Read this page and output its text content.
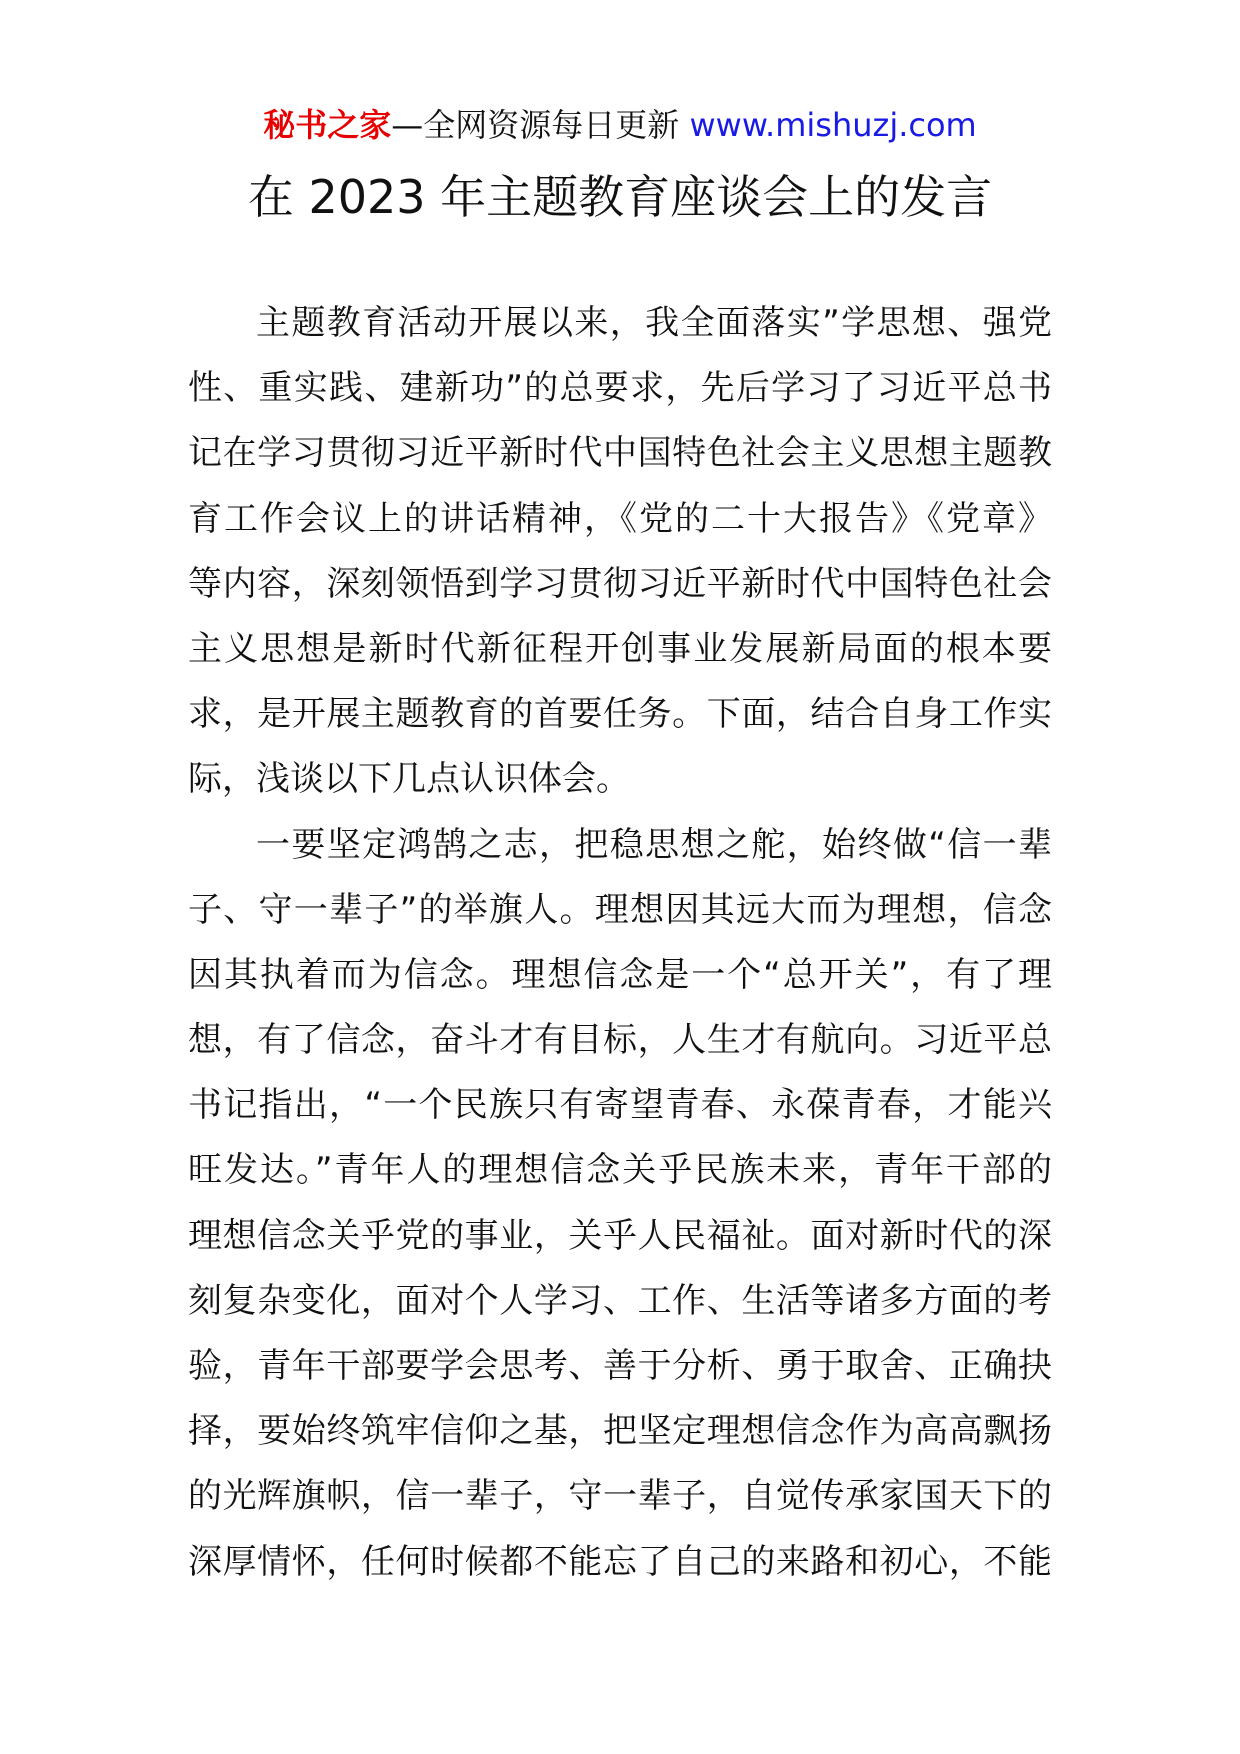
秘书之家—全网资源每日更新 www.mishuzj.com
在 2023 年主题教育座谈会上的发言
主题教育活动开展以来，我全面落实”学思想、强党
性、重实践、建新功”的总要求，先后学习了习近平总书
记在学习贯彻习近平新时代中国特色社会主义思想主题教
育工作会议上的讲话精神，《党的二十大报告》《党章》
等内容，深刻领悟到学习贯彻习近平新时代中国特色社会
主义思想是新时代新征程开创事业发展新局面的根本要
求，是开展主题教育的首要任务。下面，结合自身工作实
际，浅谈以下几点认识体会。
一要坚定鸿鹄之志，把稳思想之舵，始终做“信一辈
子、守一辈子”的举旗人。理想因其远大而为理想，信念
因其执着而为信念。理想信念是一个“总开关”，有了理
想，有了信念，奋斗才有目标，人生才有航向。习近平总
书记指出，“一个民族只有寄望青春、永葆青春，才能兴
旺发达。”青年人的理想信念关乎民族未来，青年干部的
理想信念关乎党的事业，关乎人民福祉。面对新时代的深
刻复杂变化，面对个人学习、工作、生活等诸多方面的考
验，青年干部要学会思考、善于分析、勇于取舍、正确抉
择，要始终筑牢信仰之基，把坚定理想信念作为高高飘扬
的光辉旗帜，信一辈子，守一辈子，自觉传承家国天下的
深厚情怀，任何时候都不能忘了自己的来路和初心，不能
